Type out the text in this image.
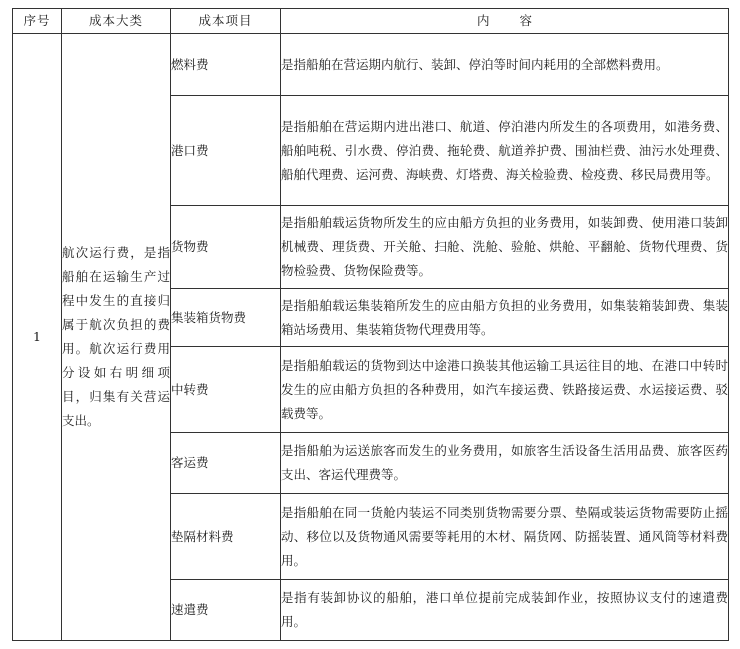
序号	成本大类	成本项目	内容
1	航次运行费，是指船舶在运输生产过程中发生的直接归属于航次负担的费用。航次运行费用分设如右明细项目，归集有关营运支出。	燃料费	是指船舶在营运期内航行、装卸、停泊等时间内耗用的全部燃料费用。
		港口费	是指船舶在营运期内进出港口、航道、停泊港内所发生的各项费用，如港务费、船舶吨税、引水费、停泊费、拖轮费、航道养护费、围油栏费、油污水处理费、船舶代理费、运河费、海峡费、灯塔费、海关检验费、检疫费、移民局费用等。
		货物费	是指船舶载运货物所发生的应由船方负担的业务费用，如装卸费、使用港口装卸机械费、理货费、开关舱、扫舱、洗舱、验舱、烘舱、平翻舱、货物代理费、货物检验费、货物保险费等。
		集装箱货物费	是指船舶载运集装箱所发生的应由船方负担的业务费用，如集装箱装卸费、集装箱站场费用、集装箱货物代理费用等。
		中转费	是指船舶载运的货物到达中途港口换装其他运输工具运往目的地、在港口中转时发生的应由船方负担的各种费用，如汽车接运费、铁路接运费、水运接运费、驳载费等。
		客运费	是指船舶为运送旅客而发生的业务费用，如旅客生活设备生活用品费、旅客医药支出、客运代理费等。
		垫隔材料费	是指船舶在同一货舱内装运不同类别货物需要分票、垫隔或装运货物需要防止摇动、移位以及货物通风需要等耗用的木材、隔货网、防摇装置、通风筒等材料费用。
		速遣费	是指有装卸协议的船舶，港口单位提前完成装卸作业，按照协议支付的速遣费用。
